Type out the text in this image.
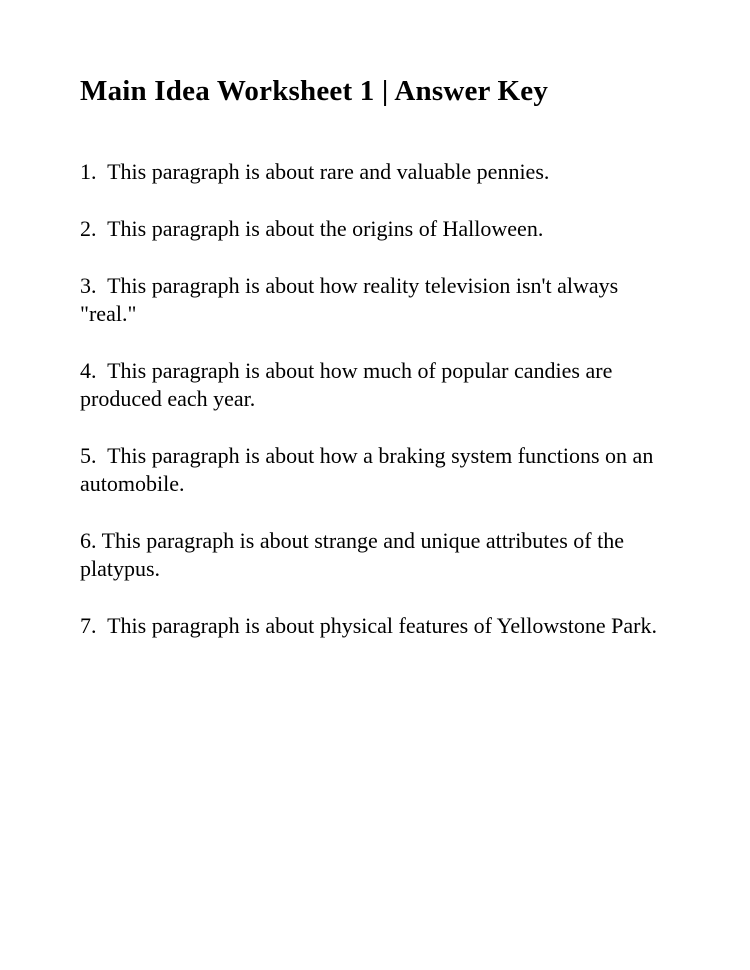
Main Idea Worksheet 1 | Answer Key

1.  This paragraph is about rare and valuable pennies.

2.  This paragraph is about the origins of Halloween.

3.  This paragraph is about how reality television isn't always "real."

4.  This paragraph is about how much of popular candies are produced each year.

5.  This paragraph is about how a braking system functions on an automobile.

6. This paragraph is about strange and unique attributes of the platypus.

7.  This paragraph is about physical features of Yellowstone Park.
